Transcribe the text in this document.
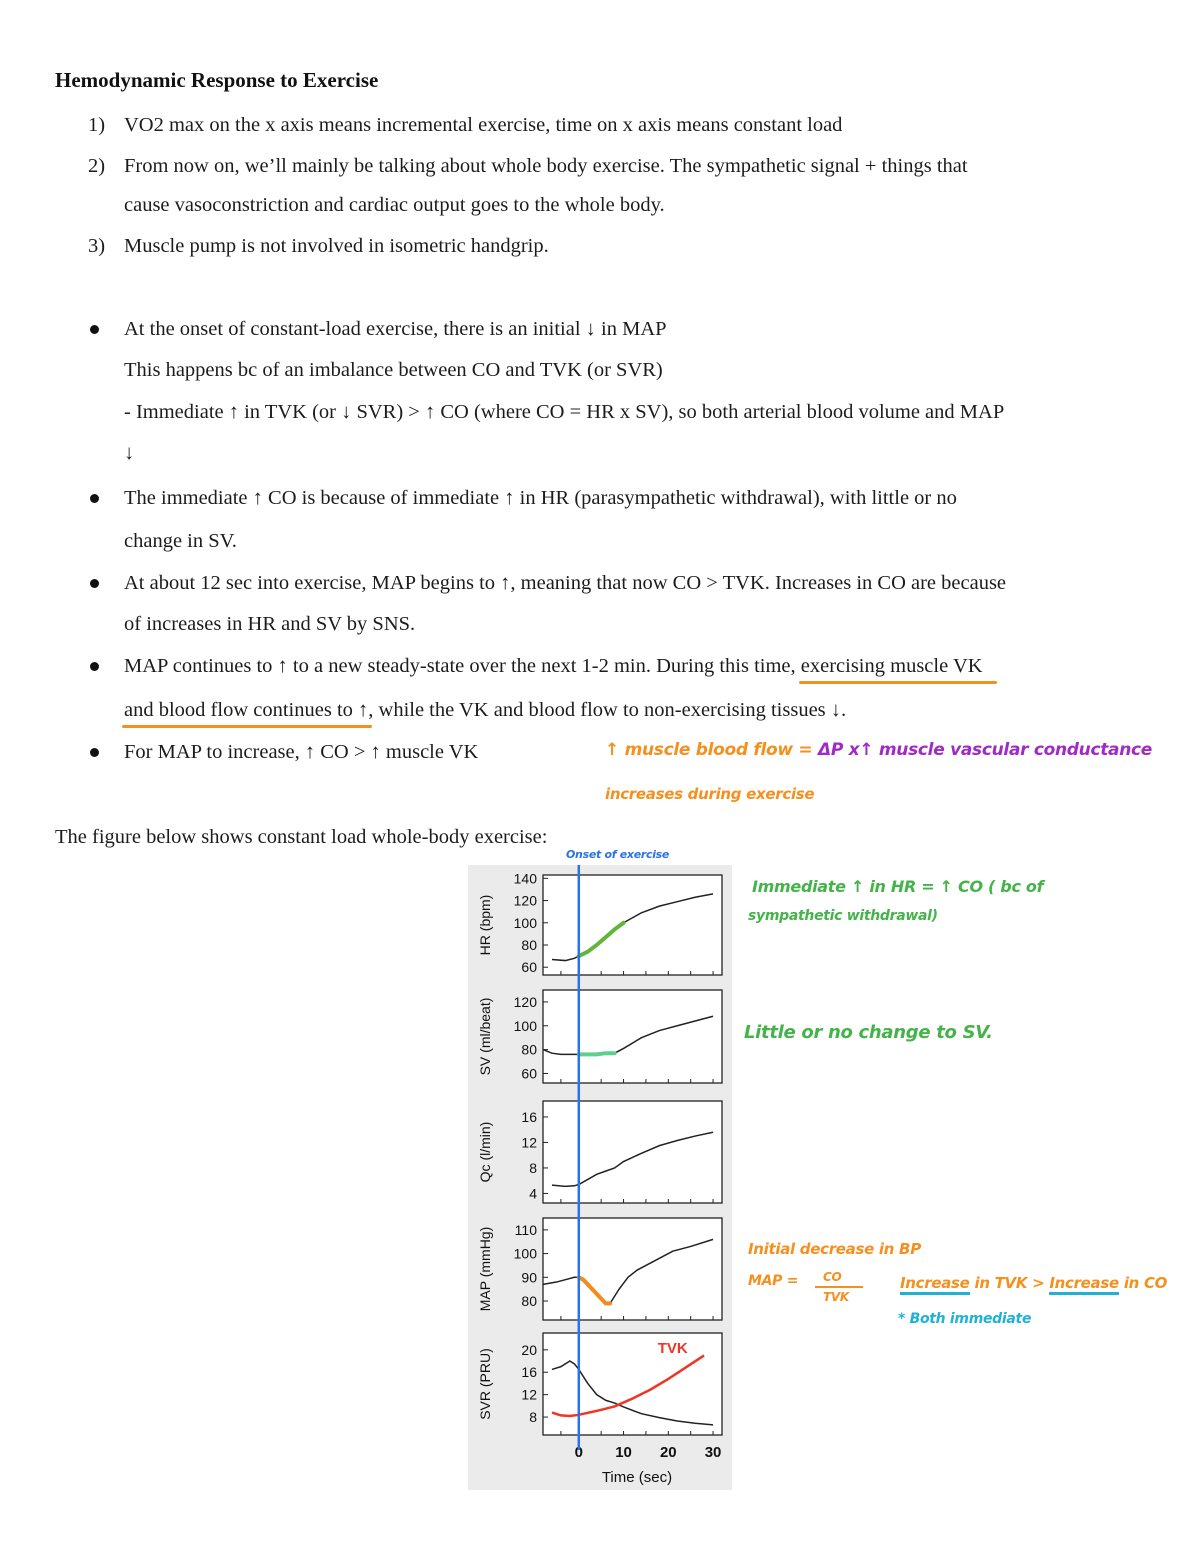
Hemodynamic Response to Exercise
1) VO2 max on the x axis means incremental exercise, time on x axis means constant load
2) From now on, we’ll mainly be talking about whole body exercise. The sympathetic signal + things that
cause vasoconstriction and cardiac output goes to the whole body.
3) Muscle pump is not involved in isometric handgrip.
At the onset of constant-load exercise, there is an initial ↓ in MAP
This happens bc of an imbalance between CO and TVK (or SVR)
- Immediate ↑ in TVK (or ↓ SVR) > ↑ CO (where CO = HR x SV), so both arterial blood volume and MAP
↓
The immediate ↑ CO is because of immediate ↑ in HR (parasympathetic withdrawal), with little or no
change in SV.
At about 12 sec into exercise, MAP begins to ↑, meaning that now CO > TVK. Increases in CO are because
of increases in HR and SV by SNS.
MAP continues to ↑ to a new steady-state over the next 1-2 min. During this time, exercising muscle VK
and blood flow continues to ↑, while the VK and blood flow to non-exercising tissues ↓.
For MAP to increase, ↑ CO > ↑ muscle VK
The figure below shows constant load whole-body exercise:
↑ muscle blood flow = ΔP x↑ muscle vascular conductance
increases during exercise
Onset of exercise
Immediate ↑ in HR = ↑ CO ( bc of
sympathetic withdrawal)
Little or no change to SV.
Initial decrease in BP
MAP = CO
TVK
Increase in TVK > Increase in CO
* Both immediate
140
120
100
80
60
HR (bpm)
120
100
80
60
SV (ml/beat)
16
12
8
4
Qc (l/min)
110
100
90
80
MAP (mmHg)
20
16
12
8
SVR (PRU)	TVK
0 10 20 30
Time (sec)
